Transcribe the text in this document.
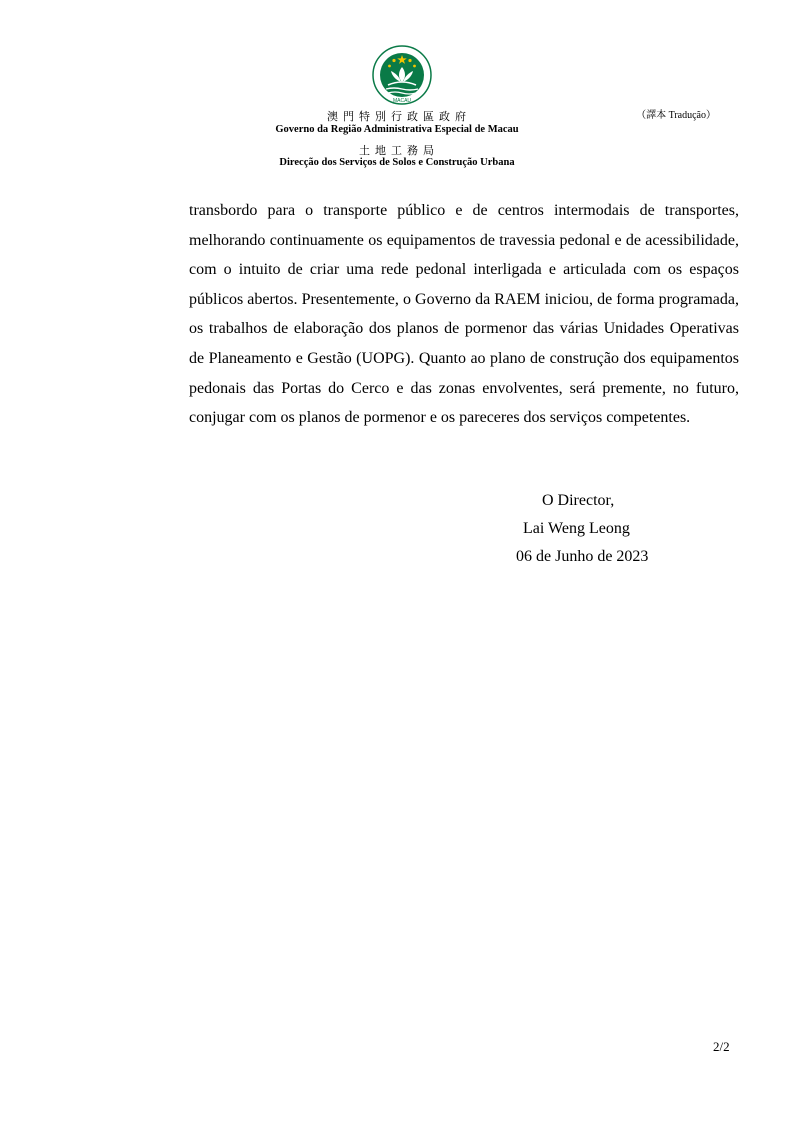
MACAU

澳門特別行政區政府

Governo da Região Administrativa Especial de Macau

土地工務局

Direcção dos Serviços de Solos e Construção Urbana

（譯本 Tradução）

transbordo para o transporte público e de centros intermodais de transportes, melhorando continuamente os equipamentos de travessia pedonal e de acessibilidade, com o intuito de criar uma rede pedonal interligada e articulada com os espaços públicos abertos. Presentemente, o Governo da RAEM iniciou, de forma programada, os trabalhos de elaboração dos planos de pormenor das várias Unidades Operativas de Planeamento e Gestão (UOPG). Quanto ao plano de construção dos equipamentos pedonais das Portas do Cerco e das zonas envolventes, será premente, no futuro, conjugar com os planos de pormenor e os pareceres dos serviços competentes.

O Director,

Lai Weng Leong

06 de Junho de 2023

2/2
